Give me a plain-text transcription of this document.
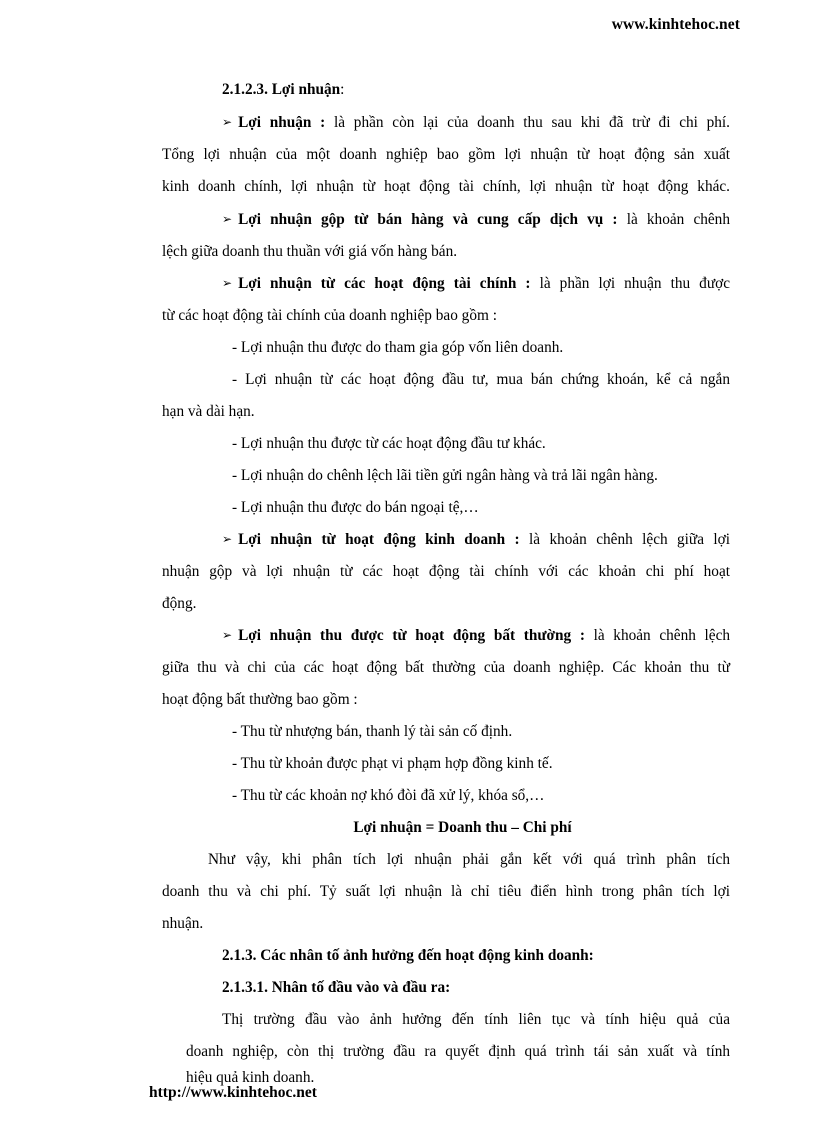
www.kinhtehoc.net
2.1.2.3. Lợi nhuận:
➢ Lợi nhuận : là phần còn lại của doanh thu sau khi đã trừ đi chi phí.
Tổng lợi nhuận của một doanh nghiệp bao gồm lợi nhuận từ hoạt động sản xuất
kinh doanh chính, lợi nhuận từ hoạt động tài chính, lợi nhuận từ hoạt động khác.
➢ Lợi nhuận gộp từ bán hàng và cung cấp dịch vụ : là khoản chênh
lệch giữa doanh thu thuần với giá vốn hàng bán.
➢ Lợi nhuận từ các hoạt động tài chính : là phần lợi nhuận thu được
từ các hoạt động tài chính của doanh nghiệp bao gồm :
- Lợi nhuận thu được do tham gia góp vốn liên doanh.
- Lợi nhuận từ các hoạt động đầu tư, mua bán chứng khoán, kể cả ngắn
hạn và dài hạn.
- Lợi nhuận thu được từ các hoạt động đầu tư khác.
- Lợi nhuận do chênh lệch lãi tiền gửi ngân hàng và trả lãi ngân hàng.
- Lợi nhuận thu được do bán ngoại tệ,…
➢ Lợi nhuận từ hoạt động kinh doanh : là khoản chênh lệch giữa lợi
nhuận gộp và lợi nhuận từ các hoạt động tài chính với các khoản chi phí hoạt
động.
➢ Lợi nhuận thu được từ hoạt động bất thường : là khoản chênh lệch
giữa thu và chi của các hoạt động bất thường của doanh nghiệp. Các khoản thu từ
hoạt động bất thường bao gồm :
- Thu từ nhượng bán, thanh lý tài sản cố định.
- Thu từ khoản được phạt vi phạm hợp đồng kinh tế.
- Thu từ các khoản nợ khó đòi đã xử lý, khóa sổ,…
Lợi nhuận = Doanh thu – Chi phí
Như vậy, khi phân tích lợi nhuận phải gắn kết với quá trình phân tích
doanh thu và chi phí. Tỷ suất lợi nhuận là chỉ tiêu điển hình trong phân tích lợi
nhuận.
2.1.3. Các nhân tố ảnh hưởng đến hoạt động kinh doanh:
2.1.3.1. Nhân tố đầu vào và đầu ra:
Thị trường đầu vào ảnh hưởng đến tính liên tục và tính hiệu quả của
doanh nghiệp, còn thị trường đầu ra quyết định quá trình tái sản xuất và tính
hiệu quả kinh doanh.
http://www.kinhtehoc.net
